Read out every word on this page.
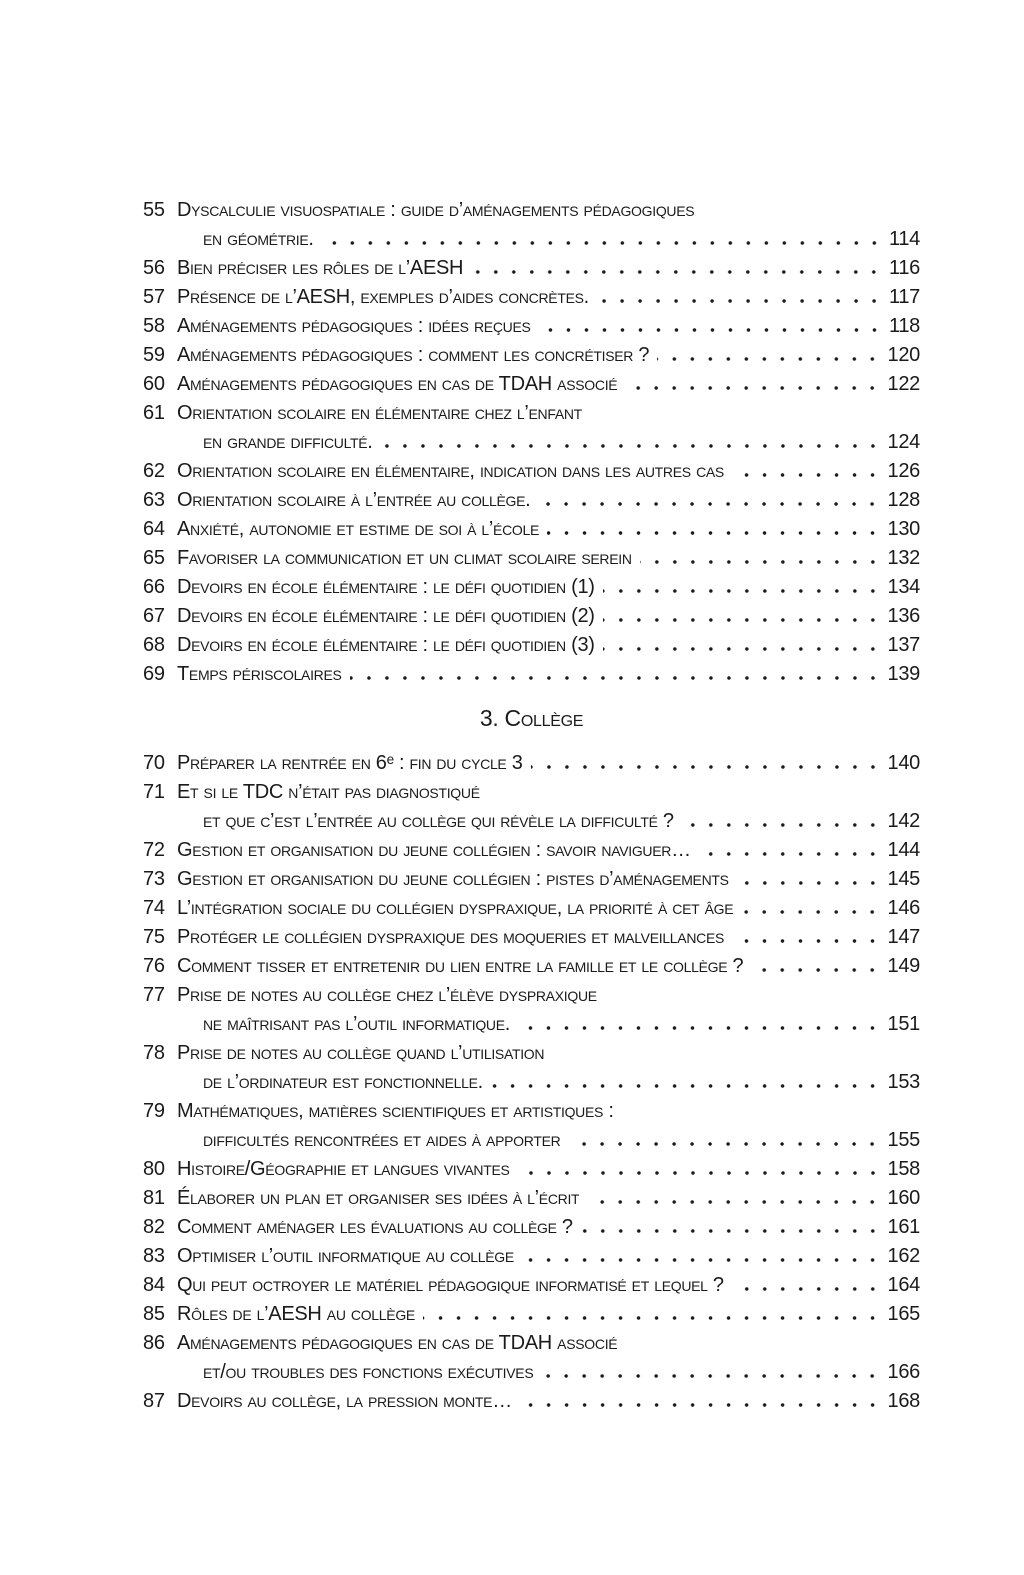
55 Dyscalculie visuospatiale : guide d’aménagements pédagogiques
en géométrie.	114
56 Bien préciser les rôles de l’AESH	116
57 Présence de l’AESH, exemples d’aides concrètes.	117
58 Aménagements pédagogiques : idées reçues	118
59 Aménagements pédagogiques : comment les concrétiser ?	120
60 Aménagements pédagogiques en cas de TDAH associé	122
61 Orientation scolaire en élémentaire chez l’enfant
en grande difficulté.	124
62 Orientation scolaire en élémentaire, indication dans les autres cas	126
63 Orientation scolaire à l’entrée au collège.	128
64 Anxiété, autonomie et estime de soi à l’école	130
65 Favoriser la communication et un climat scolaire serein	132
66 Devoirs en école élémentaire : le défi quotidien (1)	134
67 Devoirs en école élémentaire : le défi quotidien (2)	136
68 Devoirs en école élémentaire : le défi quotidien (3)	137
69 Temps périscolaires	139
3. Collège
70 Préparer la rentrée en 6ᵉ : fin du cycle 3	140
71 Et si le TDC n’était pas diagnostiqué
et que c’est l’entrée au collège qui révèle la difficulté ?	142
72 Gestion et organisation du jeune collégien : savoir naviguer…	144
73 Gestion et organisation du jeune collégien : pistes d’aménagements	145
74 L’intégration sociale du collégien dyspraxique, la priorité à cet âge	146
75 Protéger le collégien dyspraxique des moqueries et malveillances	147
76 Comment tisser et entretenir du lien entre la famille et le collège ?	149
77 Prise de notes au collège chez l’élève dyspraxique
ne maîtrisant pas l’outil informatique.	151
78 Prise de notes au collège quand l’utilisation
de l’ordinateur est fonctionnelle.	153
79 Mathématiques, matières scientifiques et artistiques :
difficultés rencontrées et aides à apporter	155
80 Histoire/Géographie et langues vivantes	158
81 Élaborer un plan et organiser ses idées à l’écrit	160
82 Comment aménager les évaluations au collège ?	161
83 Optimiser l’outil informatique au collège	162
84 Qui peut octroyer le matériel pédagogique informatisé et lequel ?	164
85 Rôles de l’AESH au collège	165
86 Aménagements pédagogiques en cas de TDAH associé
et/ou troubles des fonctions exécutives	166
87 Devoirs au collège, la pression monte…	168
